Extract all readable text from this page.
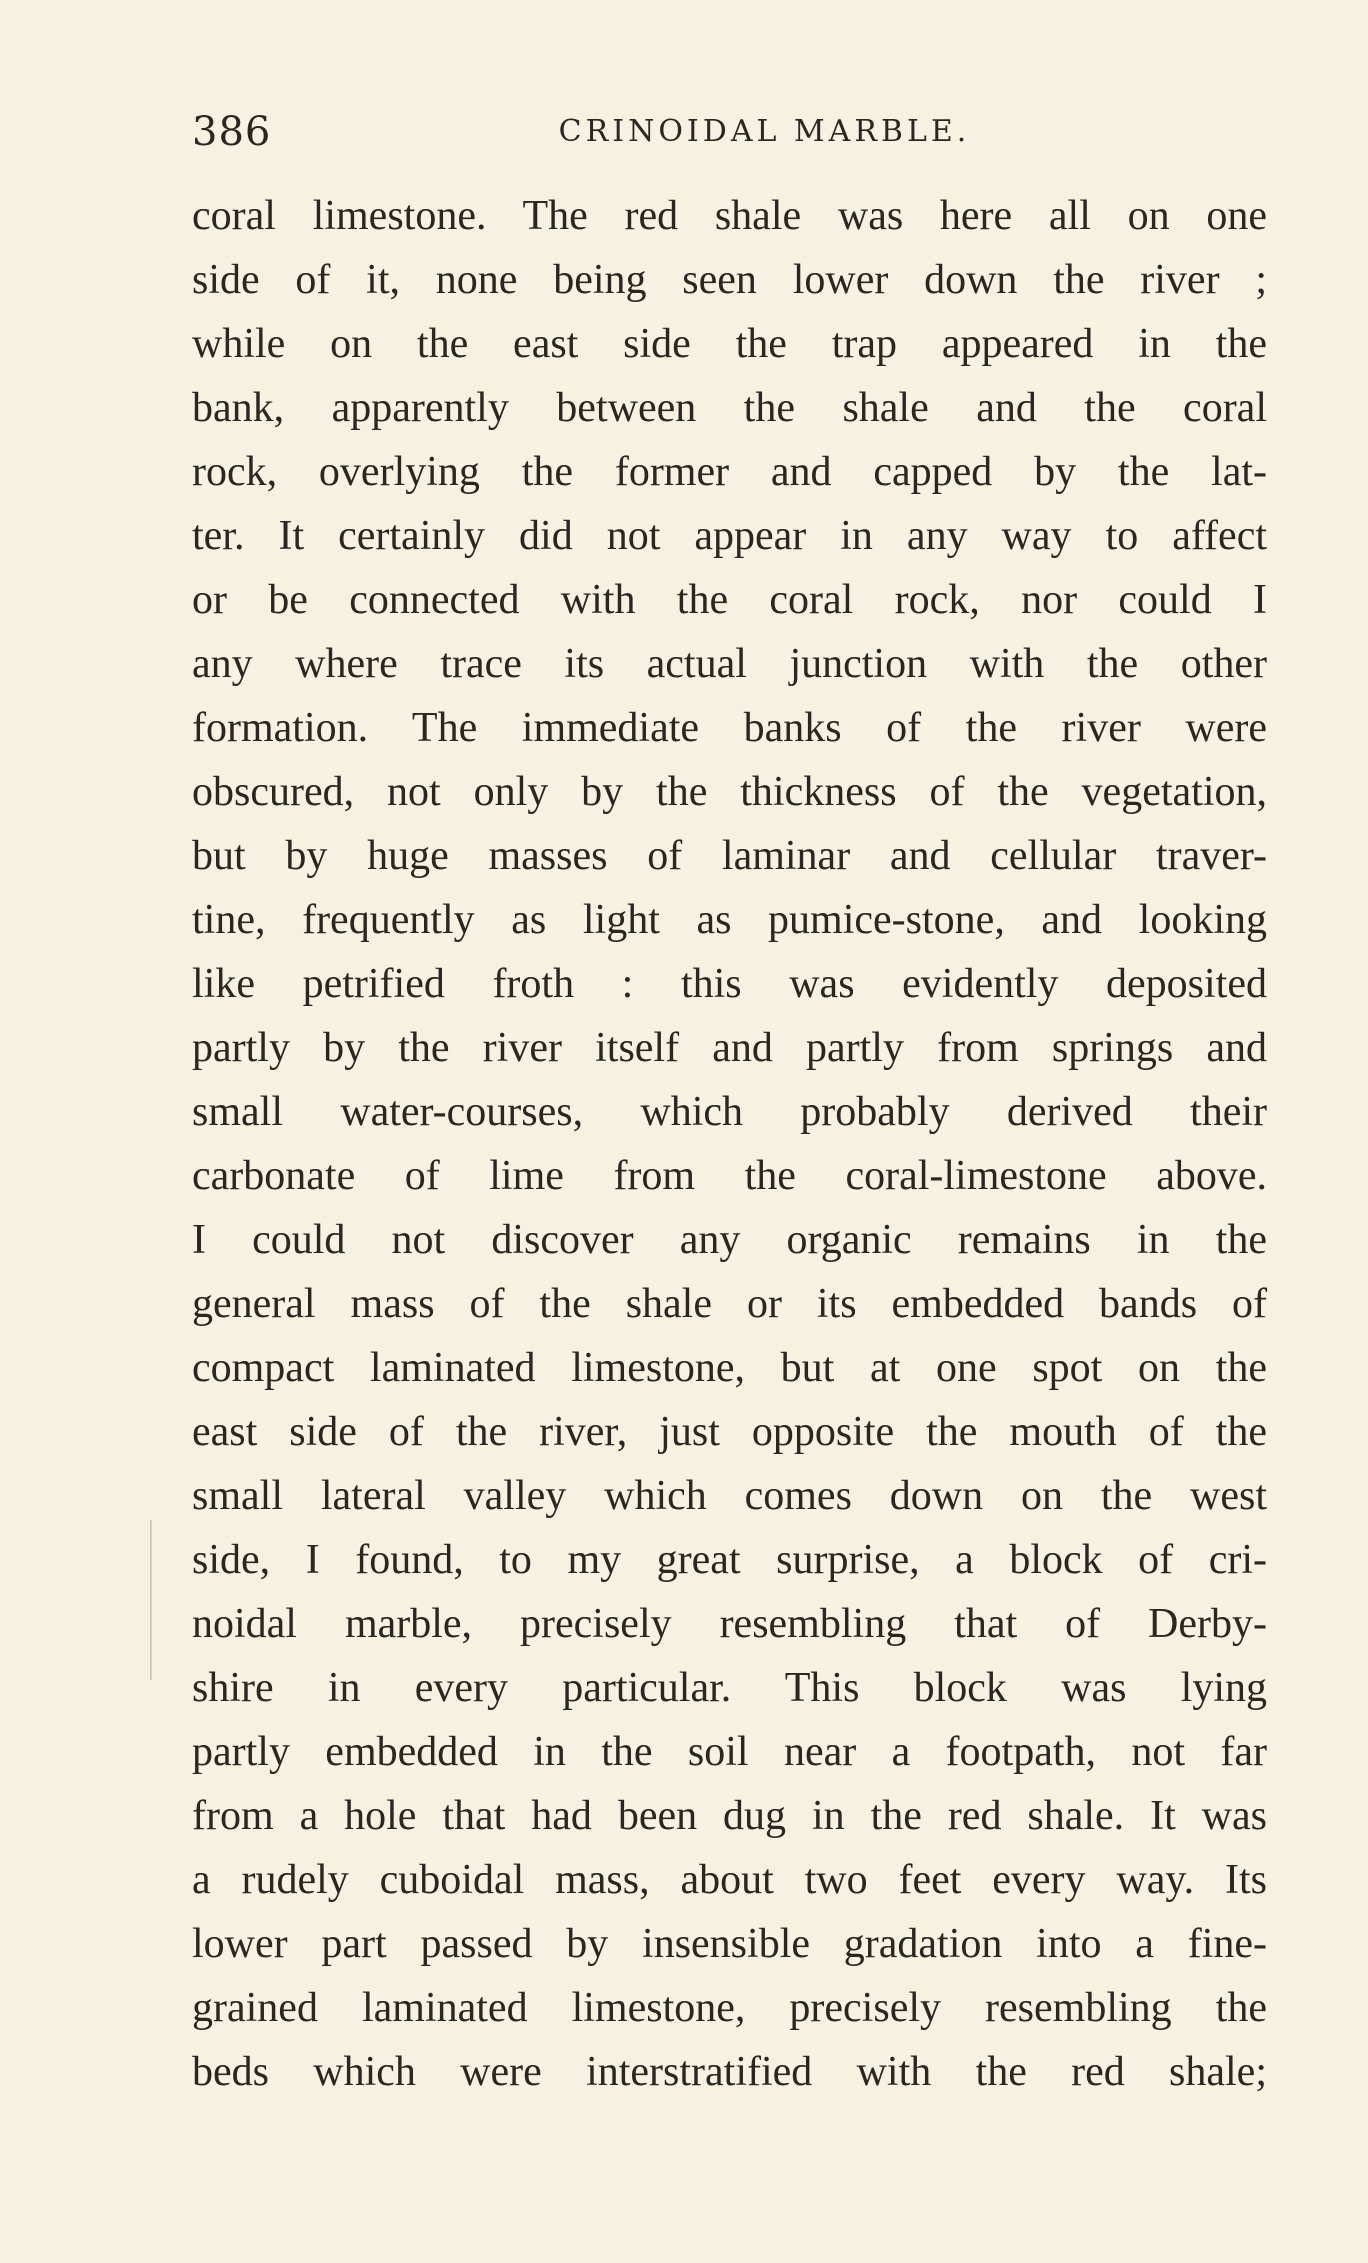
386	CRINOIDAL MARBLE.
coral limestone. The red shale was here all on one
side of it, none being seen lower down the river ;
while on the east side the trap appeared in the
bank, apparently between the shale and the coral
rock, overlying the former and capped by the lat-
ter. It certainly did not appear in any way to affect
or be connected with the coral rock, nor could I
any where trace its actual junction with the other
formation. The immediate banks of the river were
obscured, not only by the thickness of the vegetation,
but by huge masses of laminar and cellular traver-
tine, frequently as light as pumice-stone, and looking
like petrified froth : this was evidently deposited
partly by the river itself and partly from springs and
small water-courses, which probably derived their
carbonate of lime from the coral-limestone above.
I could not discover any organic remains in the
general mass of the shale or its embedded bands of
compact laminated limestone, but at one spot on the
east side of the river, just opposite the mouth of the
small lateral valley which comes down on the west
side, I found, to my great surprise, a block of cri-
noidal marble, precisely resembling that of Derby-
shire in every particular. This block was lying
partly embedded in the soil near a footpath, not far
from a hole that had been dug in the red shale. It was
a rudely cuboidal mass, about two feet every way. Its
lower part passed by insensible gradation into a fine-
grained laminated limestone, precisely resembling the
beds which were interstratified with the red shale;
